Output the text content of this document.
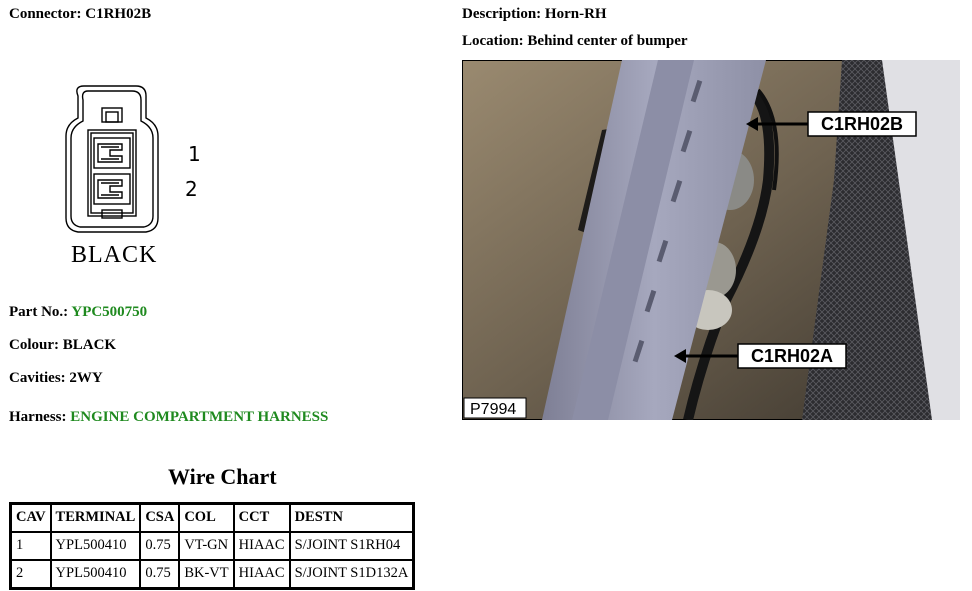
Connector: C1RH02B	Description: Horn-RH
Location: Behind center of bumper
1
2
BLACK
C1RH02B
C1RH02A
P7994
Part No.: YPC500750
Colour: BLACK
Cavities: 2WY
Harness: ENGINE COMPARTMENT HARNESS
Wire Chart
CAV	TERMINAL	CSA	COL	CCT	DESTN
1	YPL500410	0.75	VT-GN	HIAAC	S/JOINT S1RH04
2	YPL500410	0.75	BK-VT	HIAAC	S/JOINT S1D132A
